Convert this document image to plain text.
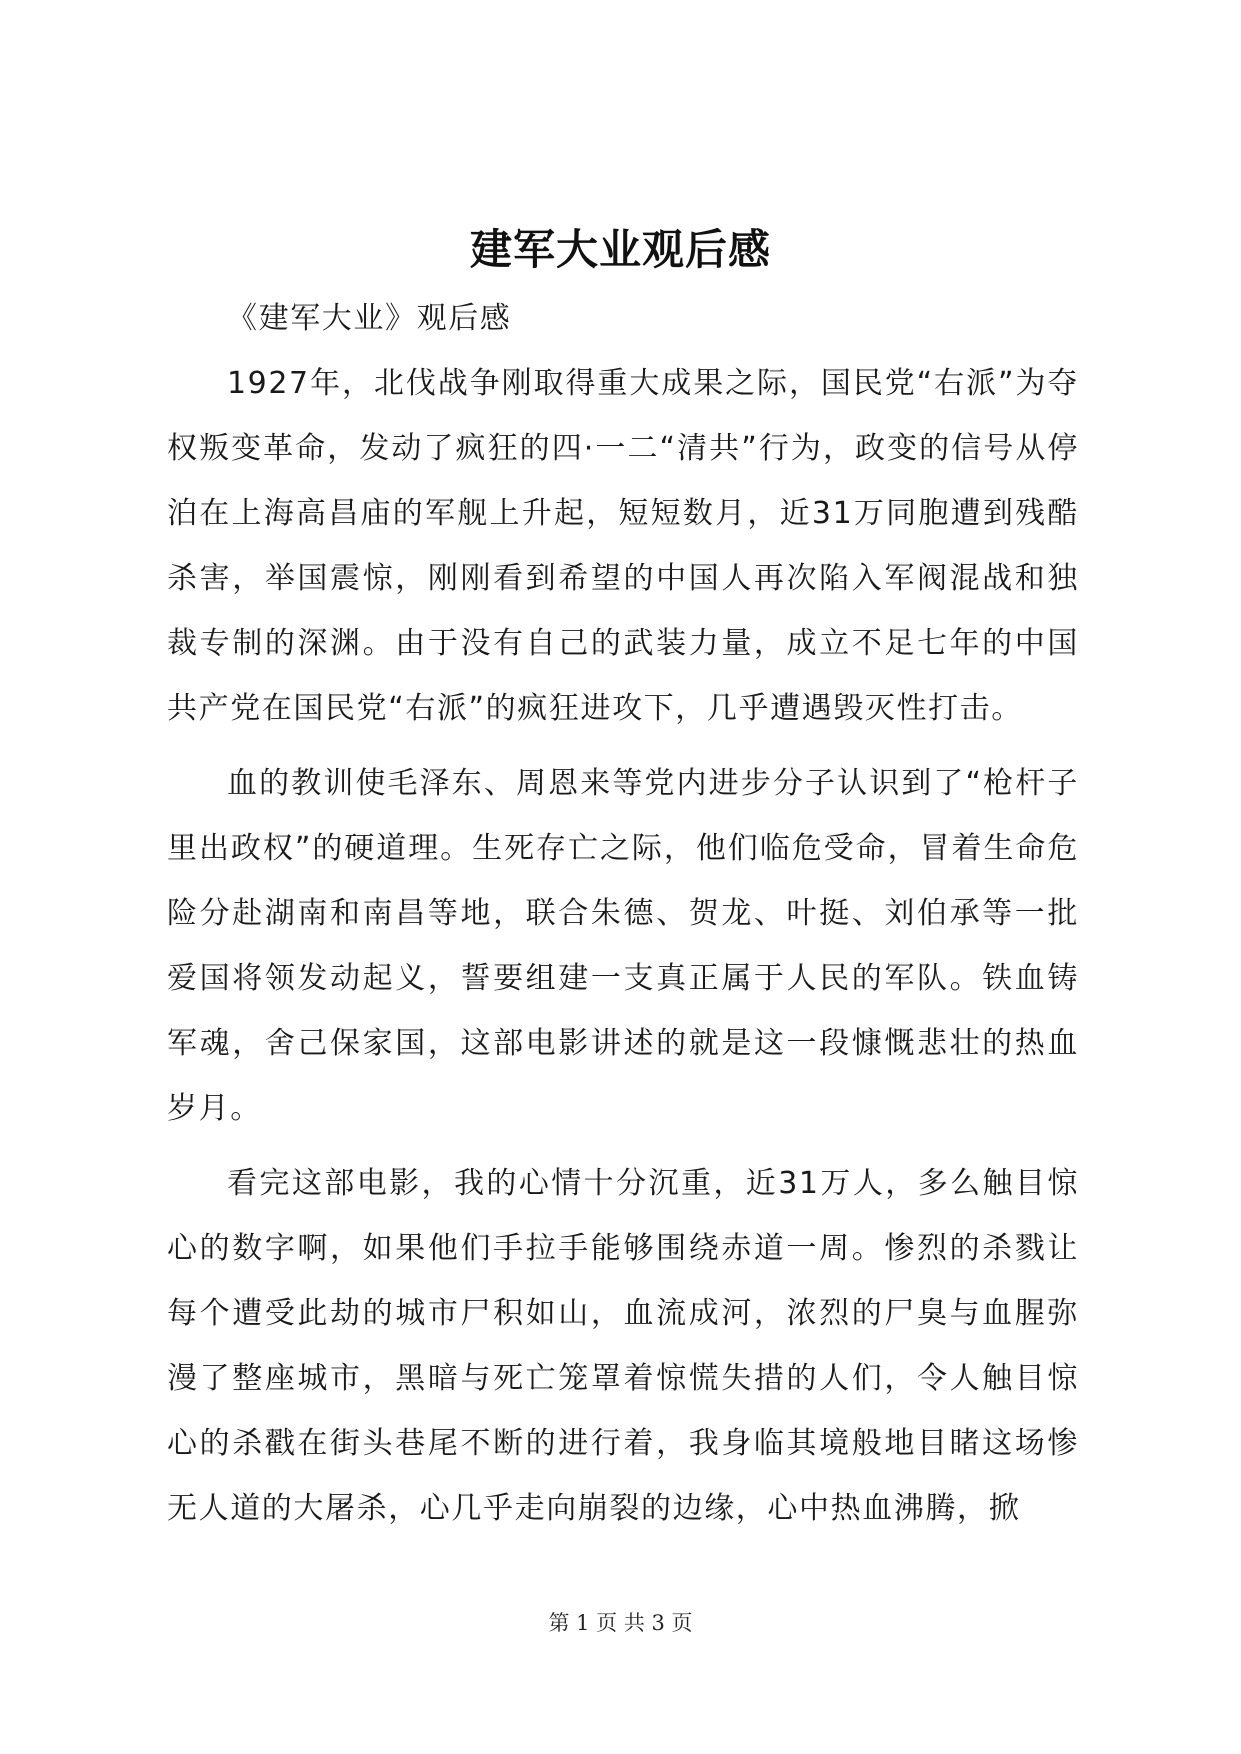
建军大业观后感

《建军大业》观后感

1927年，北伐战争刚取得重大成果之际，国民党“右派”为夺权叛变革命，发动了疯狂的四·一二“清共”行为，政变的信号从停泊在上海高昌庙的军舰上升起，短短数月，近31万同胞遭到残酷杀害，举国震惊，刚刚看到希望的中国人再次陷入军阀混战和独裁专制的深渊。由于没有自己的武装力量，成立不足七年的中国共产党在国民党“右派”的疯狂进攻下，几乎遭遇毁灭性打击。

血的教训使毛泽东、周恩来等党内进步分子认识到了“枪杆子里出政权”的硬道理。生死存亡之际，他们临危受命，冒着生命危险分赴湖南和南昌等地，联合朱德、贺龙、叶挺、刘伯承等一批爱国将领发动起义，誓要组建一支真正属于人民的军队。铁血铸军魂，舍己保家国，这部电影讲述的就是这一段慷慨悲壮的热血岁月。

看完这部电影，我的心情十分沉重，近31万人，多么触目惊心的数字啊，如果他们手拉手能够围绕赤道一周。惨烈的杀戮让每个遭受此劫的城市尸积如山，血流成河，浓烈的尸臭与血腥弥漫了整座城市，黑暗与死亡笼罩着惊慌失措的人们，令人触目惊心的杀戳在街头巷尾不断的进行着，我身临其境般地目睹这场惨无人道的大屠杀，心几乎走向崩裂的边缘，心中热血沸腾，掀

第 1 页 共 3 页
